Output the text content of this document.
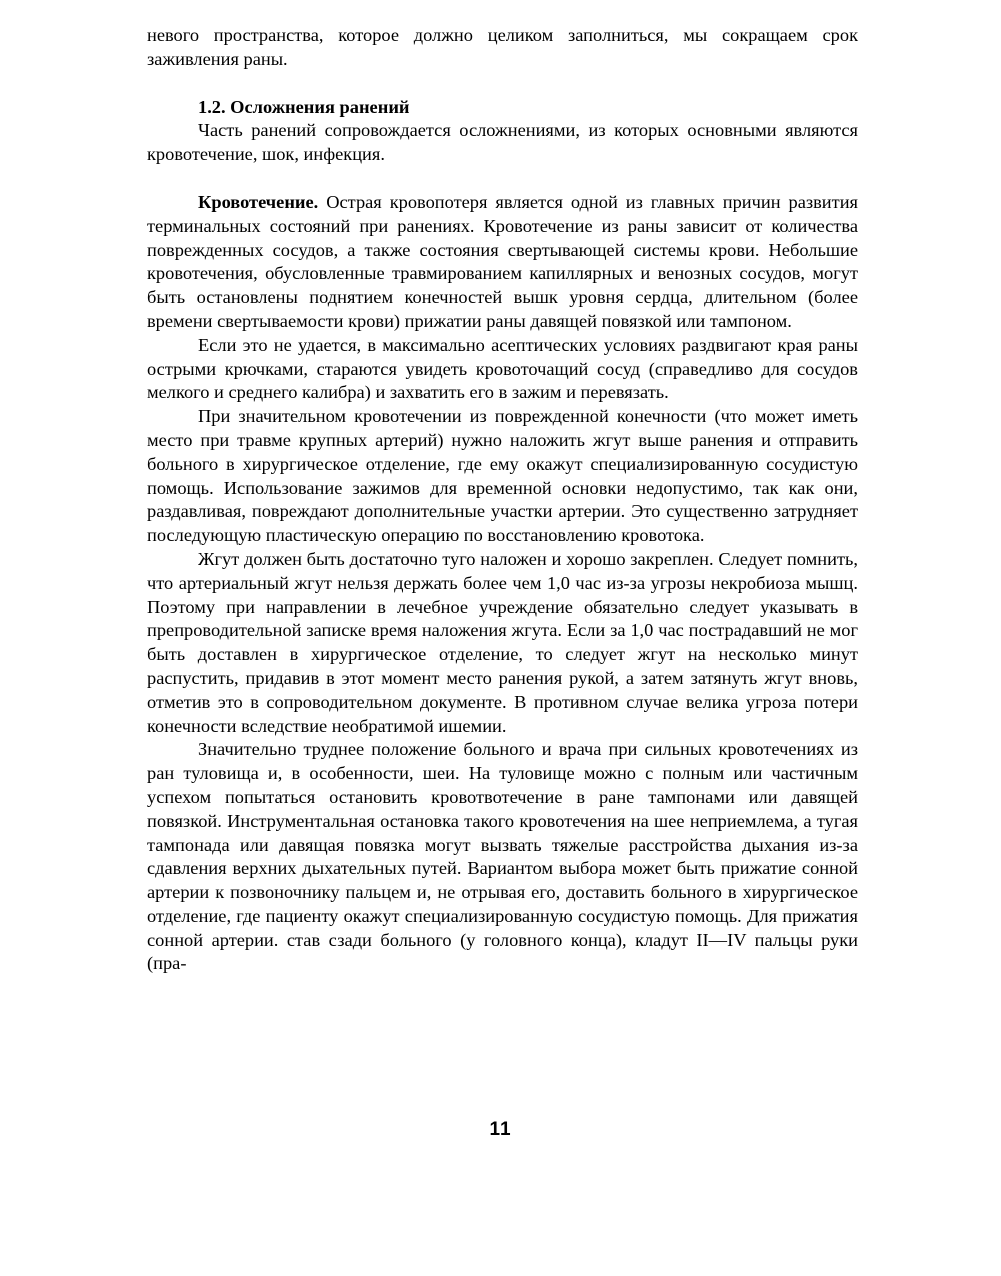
невого пространства, которое должно целиком заполниться, мы сокращаем срок заживления раны.

1.2. Осложнения ранений

Часть ранений сопровождается осложнениями, из которых основными являются кровотечение, шок, инфекция.

Кровотечение. Острая кровопотеря является одной из главных причин развития терминальных состояний при ранениях. Кровотечение из раны зависит от количества поврежденных сосудов, а также состояния свертывающей системы крови. Небольшие кровотечения, обусловленные травмированием капиллярных и венозных сосудов, могут быть остановлены поднятием конечностей вышк уровня сердца, длительном (более времени свертываемости крови) прижатии раны давящей повязкой или тампоном.

Если это не удается, в максимально асептических условиях раздвигают края раны острыми крючками, стараются увидеть кровоточащий сосуд (справедливо для сосудов мелкого и среднего калибра) и захватить его в зажим и перевязать.

При значительном кровотечении из поврежденной конечности (что может иметь место при травме крупных артерий) нужно наложить жгут выше ранения и отправить больного в хирургическое отделение, где ему окажут специализированную сосудистую помощь. Использование зажимов для временной основки недопустимо, так как они, раздавливая, повреждают дополнительные участки артерии. Это существенно затрудняет последующую пластическую операцию по восстановлению кровотока.

Жгут должен быть достаточно туго наложен и хорошо закреплен. Следует помнить, что артериальный жгут нельзя держать более чем 1,0 час из-за угрозы некробиоза мышц. Поэтому при направлении в лечебное учреждение обязательно следует указывать в препроводительной записке время наложения жгута. Если за 1,0 час пострадавший не мог быть доставлен в хирургическое отделение, то следует жгут на несколько минут распустить, придавив в этот момент место ранения рукой, а затем затянуть жгут вновь, отметив это в сопроводительном документе. В противном случае велика угроза потери конечности вследствие необратимой ишемии.

Значительно труднее положение больного и врача при сильных кровотечениях из ран туловища и, в особенности, шеи. На туловище можно с полным или частичным успехом попытаться остановить кровотвотечение в ране тампонами или давящей повязкой. Инструментальная остановка такого кровотечения на шее неприемлема, а тугая тампонада или давящая повязка могут вызвать тяжелые расстройства дыхания из-за сдавления верхних дыхательных путей. Вариантом выбора может быть прижатие сонной артерии к позвоночнику пальцем и, не отрывая его, доставить больного в хирургическое отделение, где пациенту окажут специализированную сосудистую помощь. Для прижатия сонной артерии. став сзади больного (у головного конца), кладут II—IV пальцы руки (пра-

11
